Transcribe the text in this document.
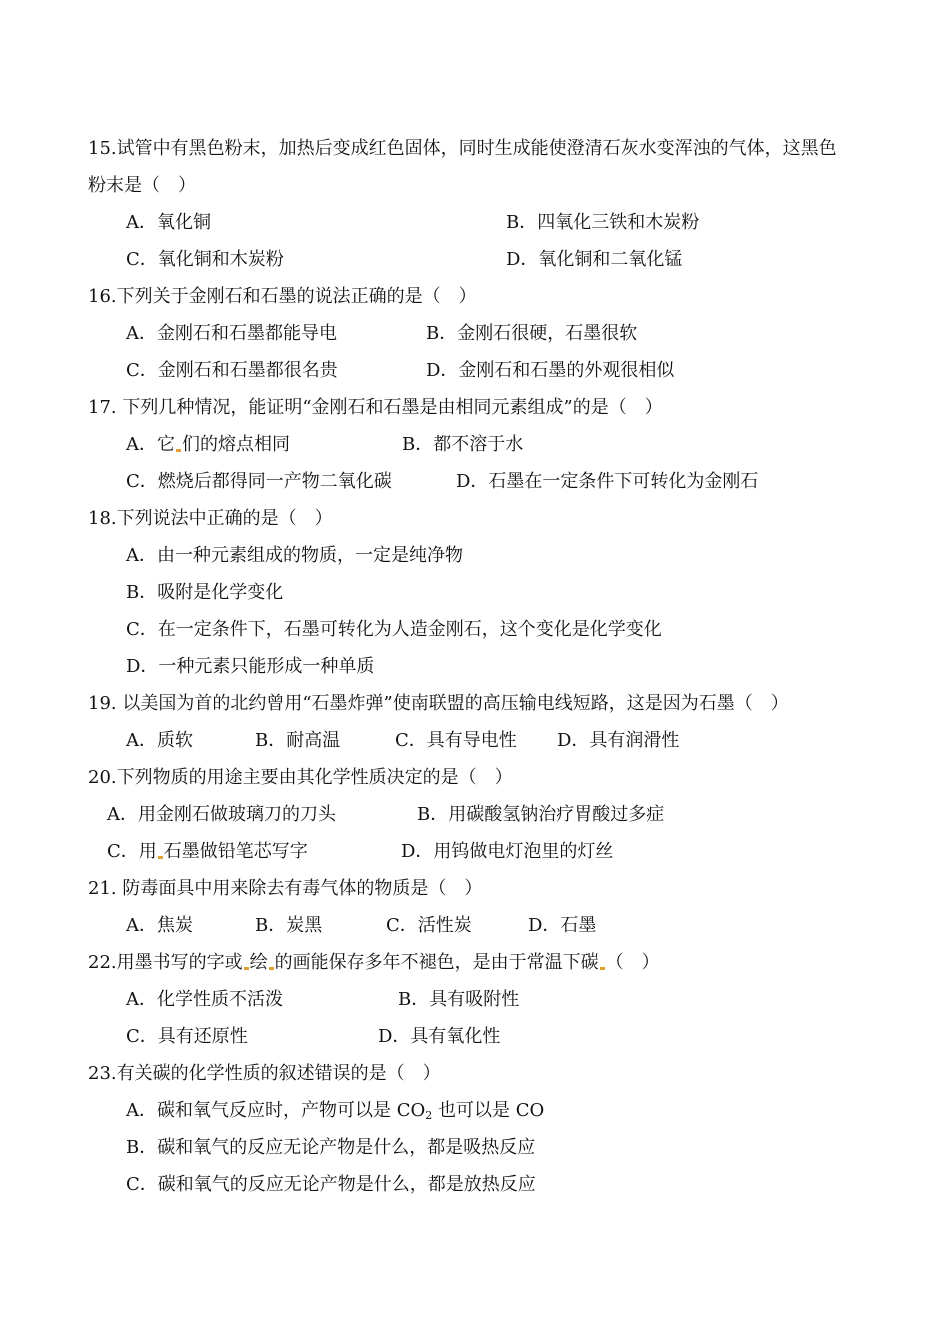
15.试管中有黑色粉末，加热后变成红色固体，同时生成能使澄清石灰水变浑浊的气体，这黑色
粉末是（　）
A．氧化铜	B．四氧化三铁和木炭粉
C．氧化铜和木炭粉	D．氧化铜和二氧化锰
16.下列关于金刚石和石墨的说法正确的是（　）
A．金刚石和石墨都能导电	B．金刚石很硬，石墨很软
C．金刚石和石墨都很名贵	D．金刚石和石墨的外观很相似
17. 下列几种情况，能证明“金刚石和石墨是由相同元素组成”的是（　）
A．它 们的熔点相同	B．都不溶于水
C．燃烧后都得同一产物二氧化碳	D．石墨在一定条件下可转化为金刚石
18.下列说法中正确的是（　）
A．由一种元素组成的物质，一定是纯净物
B．吸附是化学变化
C．在一定条件下，石墨可转化为人造金刚石，这个变化是化学变化
D．一种元素只能形成一种单质
19. 以美国为首的北约曾用“石墨炸弹”使南联盟的高压输电线短路，这是因为石墨（　）
A．质软	B．耐高温	C．具有导电性 D．具有润滑性
20.下列物质的用途主要由其化学性质决定的是（　）
A．用金刚石做玻璃刀的刀头	B．用碳酸氢钠治疗胃酸过多症
C．用 石墨做铅笔芯写字	D．用钨做电灯泡里的灯丝
21. 防毒面具中用来除去有毒气体的物质是（　）
A．焦炭	B．炭黑	C．活性炭	D．石墨
22.用墨书写的字或 绘 的画能保存多年不褪色，是由于常温下碳 （　）
A．化学性质不活泼	B．具有吸附性
C．具有还原性	D．具有氧化性
23.有关碳的化学性质的叙述错误的是（　）
A．碳和氧气反应时，产物可以是 $CO_2$ 也可以是 CO
B．碳和氧气的反应无论产物是什么，都是吸热反应
C．碳和氧气的反应无论产物是什么，都是放热反应
